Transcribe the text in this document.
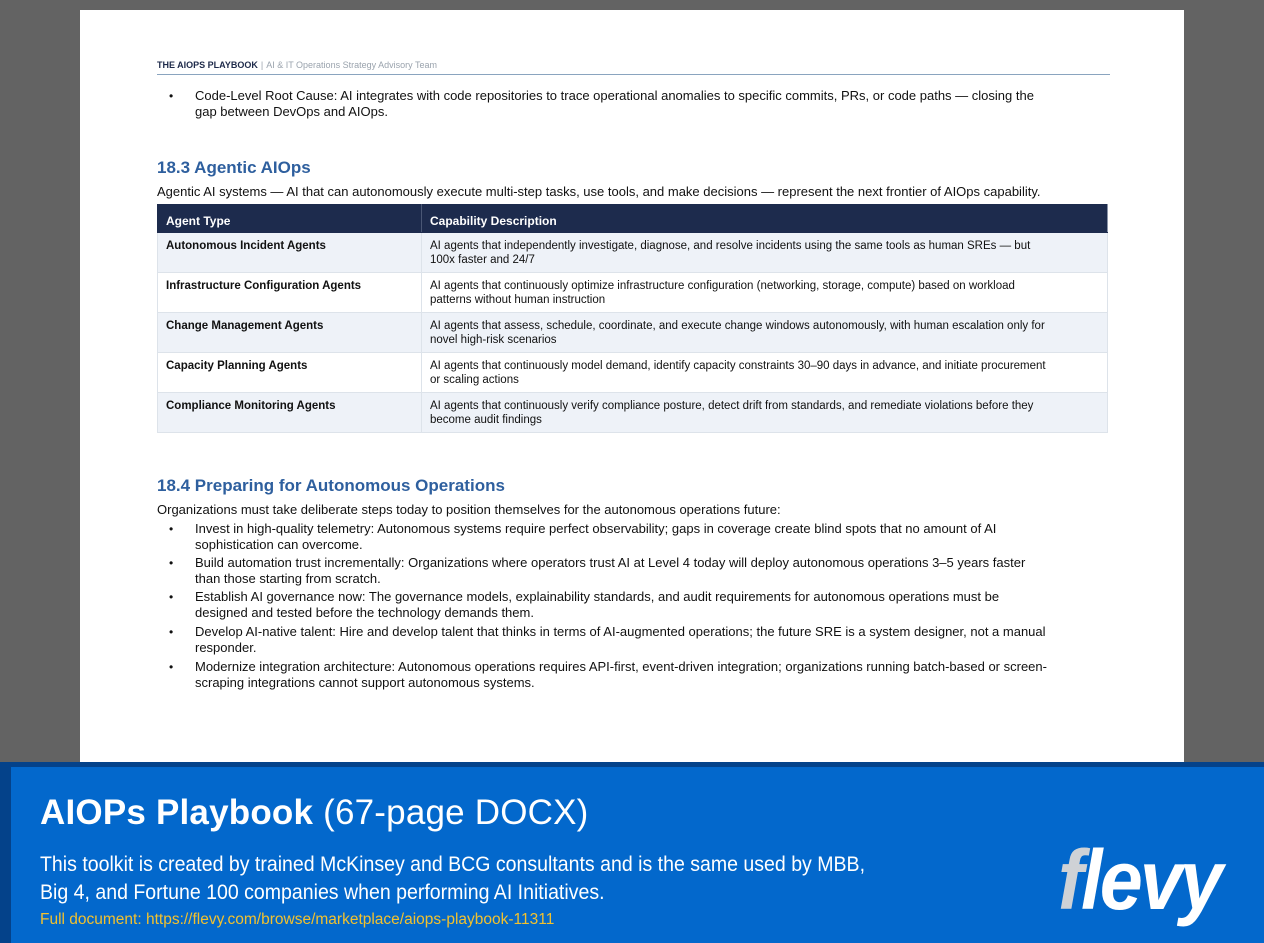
THE AIOPS PLAYBOOK | AI & IT Operations Strategy Advisory Team
• Code-Level Root Cause: AI integrates with code repositories to trace operational anomalies to specific commits, PRs, or code paths — closing the
gap between DevOps and AIOps.
18.3 Agentic AIOps
Agentic AI systems — AI that can autonomously execute multi-step tasks, use tools, and make decisions — represent the next frontier of AIOps capability.
Agent Type	Capability Description
Autonomous Incident Agents	AI agents that independently investigate, diagnose, and resolve incidents using the same tools as human SREs — but
100x faster and 24/7
Infrastructure Configuration Agents	AI agents that continuously optimize infrastructure configuration (networking, storage, compute) based on workload
patterns without human instruction
Change Management Agents	AI agents that assess, schedule, coordinate, and execute change windows autonomously, with human escalation only for
novel high-risk scenarios
Capacity Planning Agents	AI agents that continuously model demand, identify capacity constraints 30–90 days in advance, and initiate procurement
or scaling actions
Compliance Monitoring Agents	AI agents that continuously verify compliance posture, detect drift from standards, and remediate violations before they
become audit findings
18.4 Preparing for Autonomous Operations
Organizations must take deliberate steps today to position themselves for the autonomous operations future:
• Invest in high-quality telemetry: Autonomous systems require perfect observability; gaps in coverage create blind spots that no amount of AI
sophistication can overcome.
• Build automation trust incrementally: Organizations where operators trust AI at Level 4 today will deploy autonomous operations 3–5 years faster
than those starting from scratch.
• Establish AI governance now: The governance models, explainability standards, and audit requirements for autonomous operations must be
designed and tested before the technology demands them.
• Develop AI-native talent: Hire and develop talent that thinks in terms of AI-augmented operations; the future SRE is a system designer, not a manual
responder.
• Modernize integration architecture: Autonomous operations requires API-first, event-driven integration; organizations running batch-based or screen-
scraping integrations cannot support autonomous systems.
AIOPs Playbook (67-page DOCX)
This toolkit is created by trained McKinsey and BCG consultants and is the same used by MBB,
Big 4, and Fortune 100 companies when performing AI Initiatives.
Full document: https://flevy.com/browse/marketplace/aiops-playbook-11311	flevy
